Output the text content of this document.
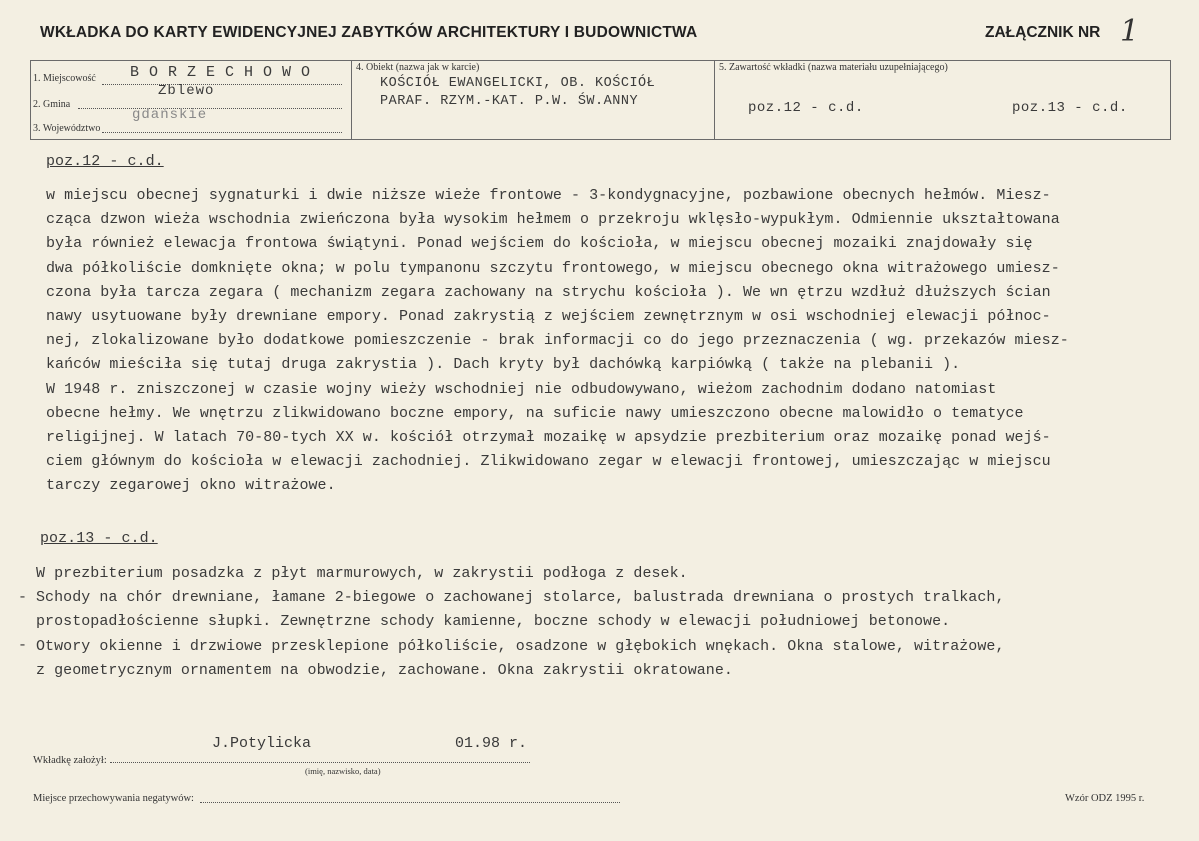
WKŁADKA DO KARTY EWIDENCYJNEJ ZABYTKÓW ARCHITEKTURY I BUDOWNICTWA	ZAŁĄCZNIK NR 1
1. Miejscowość BORZECHOWO
2. Gmina
Zblewo
3. Województwo
gdańskie
4. Obiekt (nazwa jak w karcie)
KOŚCIÓŁ EWANGELICKI, OB. KOŚCIÓŁ
PARAF. RZYM.-KAT. P.W. ŚW.ANNY
5. Zawartość wkładki (nazwa materiału uzupełniającego)
poz.12 - c.d.	poz.13 - c.d.
poz.12 - c.d.
w miejscu obecnej sygnaturki i dwie niższe wieże frontowe - 3-kondygnacyjne, pozbawione obecnych hełmów. Miesz-
cząca dzwon wieża wschodnia zwieńczona była wysokim hełmem o przekroju wklęsło-wypukłym. Odmiennie ukształtowana
była również elewacja frontowa świątyni. Ponad wejściem do kościoła, w miejscu obecnej mozaiki znajdowały się
dwa półkoliście domknięte okna; w polu tympanonu szczytu frontowego, w miejscu obecnego okna witrażowego umiesz-
czona była tarcza zegara ( mechanizm zegara zachowany na strychu kościoła ). We wn ętrzu wzdłuż dłuższych ścian
nawy usytuowane były drewniane empory. Ponad zakrystią z wejściem zewnętrznym w osi wschodniej elewacji północ-
nej, zlokalizowane było dodatkowe pomieszczenie - brak informacji co do jego przeznaczenia ( wg. przekazów miesz-
kańców mieściła się tutaj druga zakrystia ). Dach kryty był dachówką karpiówką ( także na plebanii ).
W 1948 r. zniszczonej w czasie wojny wieży wschodniej nie odbudowywano, wieżom zachodnim dodano natomiast
obecne hełmy. We wnętrzu zlikwidowano boczne empory, na suficie nawy umieszczono obecne malowidło o tematyce
religijnej. W latach 70-80-tych XX w. kościół otrzymał mozaikę w apsydzie prezbiterium oraz mozaikę ponad wejś-
ciem głównym do kościoła w elewacji zachodniej. Zlikwidowano zegar w elewacji frontowej, umieszczając w miejscu
tarczy zegarowej okno witrażowe.
poz.13 - c.d.
W prezbiterium posadzka z płyt marmurowych, w zakrystii podłoga z desek.
Schody na chór drewniane, łamane 2-biegowe o zachowanej stolarce, balustrada drewniana o prostych tralkach,
prostopadłościenne słupki. Zewnętrzne schody kamienne, boczne schody w elewacji południowej betonowe.
Otwory okienne i drzwiowe przesklepione półkoliście, osadzone w głębokich wnękach. Okna stalowe, witrażowe,
z geometrycznym ornamentem na obwodzie, zachowane. Okna zakrystii okratowane.
-
-
J.Potylicka	01.98 r.
Wkładkę założył:
(imię, nazwisko, data)
Miejsce przechowywania negatywów:	Wzór ODZ 1995 r.
